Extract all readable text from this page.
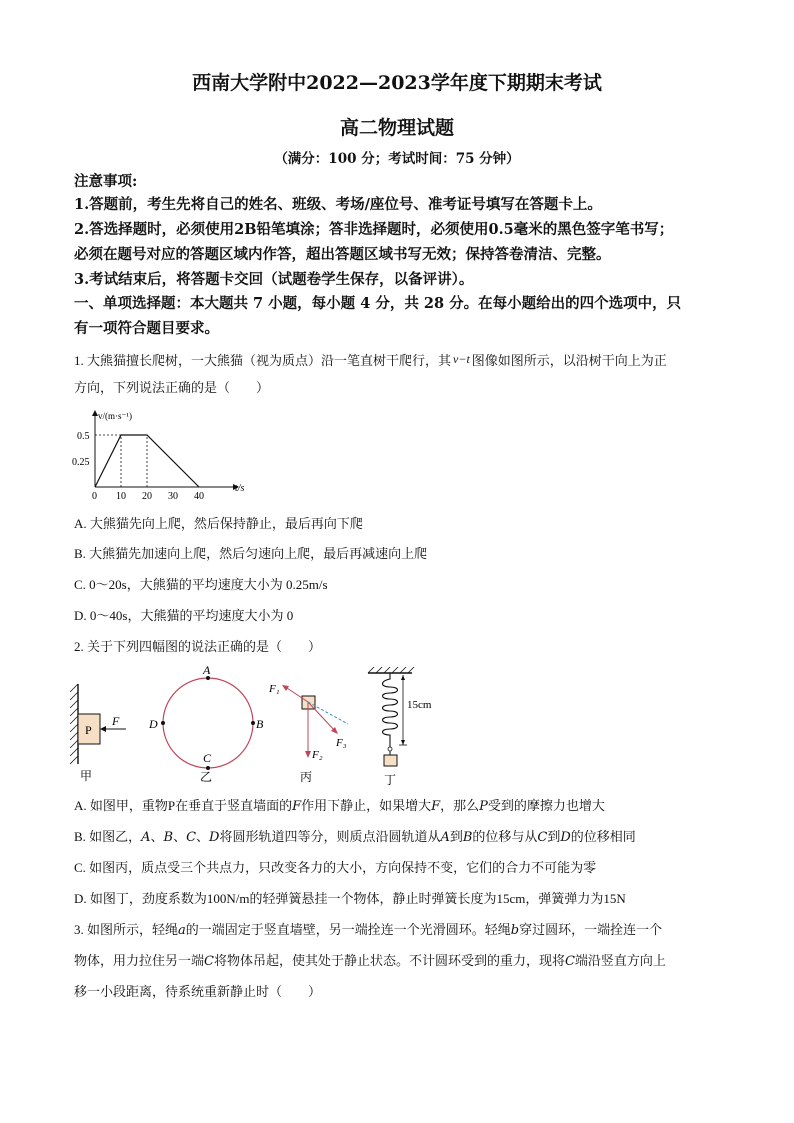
西南大学附中2022—2023学年度下期期末考试
高二物理试题
（满分：100 分；考试时间：75 分钟）
注意事项:
1.答题前，考生先将自己的姓名、班级、考场/座位号、准考证号填写在答题卡上。
2.答选择题时，必须使用2B铅笔填涂；答非选择题时，必须使用0.5毫米的黑色签字笔书写；
必须在题号对应的答题区域内作答，超出答题区域书写无效；保持答卷清洁、完整。
3.考试结束后，将答题卡交回（试题卷学生保存，以备评讲）。
一、单项选择题：本大题共 7 小题，每小题 4 分，共 28 分。在每小题给出的四个选项中，只
有一项符合题目要求。
1. 大熊猫擅长爬树，一大熊猫（视为质点）沿一笔直树干爬行，其 v−t 图像如图所示，以沿树干向上为正
方向，下列说法正确的是（　　）
v/(m·s⁻¹)
t/s
0 10 20 30 40
0.25
0.5
A. 大熊猫先向上爬，然后保持静止，最后再向下爬
B. 大熊猫先加速向上爬，然后匀速向上爬，最后再减速向上爬
C. 0～20s，大熊猫的平均速度大小为 0.25m/s
D. 0～40s，大熊猫的平均速度大小为 0
2. 关于下列四幅图的说法正确的是（　　）
P
F
甲
A
B
C
D
乙
F₁
F₂
F₃
丙
15cm
丁
A. 如图甲，重物P在垂直于竖直墙面的𝐹作用下静止，如果增大𝐹，那么𝑃受到的摩擦力也增大
B. 如图乙，𝐴、𝐵、𝐶、𝐷将圆形轨道四等分，则质点沿圆轨道从𝐴到𝐵的位移与从𝐶到𝐷的位移相同
C. 如图丙，质点受三个共点力，只改变各力的大小，方向保持不变，它们的合力不可能为零
D. 如图丁，劲度系数为100N/m的轻弹簧悬挂一个物体，静止时弹簧长度为15cm，弹簧弹力为15N
3. 如图所示，轻绳𝑎的一端固定于竖直墙壁，另一端拴连一个光滑圆环。轻绳𝑏穿过圆环，一端拴连一个
物体，用力拉住另一端𝐶将物体吊起，使其处于静止状态。不计圆环受到的重力，现将𝐶端沿竖直方向上
移一小段距离，待系统重新静止时（　　）
